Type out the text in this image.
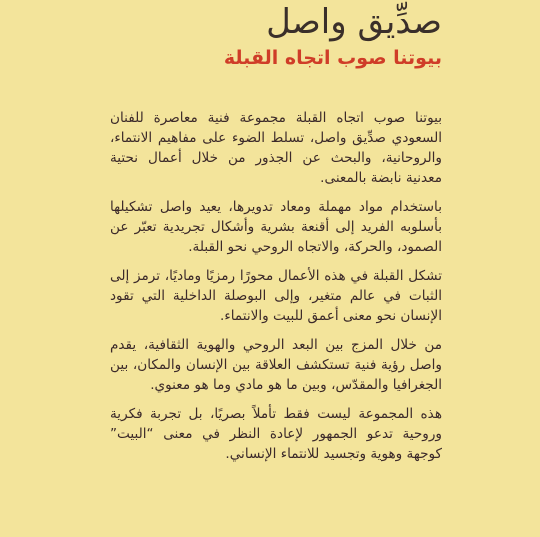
صدِّيق واصل
بيوتنا صوب اتجاه القبلة

بيوتنا صوب اتجاه القبلة مجموعة فنية معاصرة للفنان السعودي صدِّيق واصل، تسلط الضوء على مفاهيم الانتماء، والروحانية، والبحث عن الجذور من خلال أعمال نحتية معدنية نابضة بالمعنى.

باستخدام مواد مهملة ومعاد تدويرها، يعيد واصل تشكيلها بأسلوبه الفريد إلى أقنعة بشرية وأشكال تجريدية تعبّر عن الصمود، والحركة، والاتجاه الروحي نحو القبلة.

تشكل القبلة في هذه الأعمال محورًا رمزيًا وماديًا، ترمز إلى الثبات في عالم متغير، وإلى البوصلة الداخلية التي تقود الإنسان نحو معنى أعمق للبيت والانتماء.

من خلال المزج بين البعد الروحي والهوية الثقافية، يقدم واصل رؤية فنية تستكشف العلاقة بين الإنسان والمكان، بين الجغرافيا والمقدّس، وبين ما هو مادي وما هو معنوي.

هذه المجموعة ليست فقط تأملاً بصريًا، بل تجربة فكرية وروحية تدعو الجمهور لإعادة النظر في معنى “البيت” كوجهة وهوية وتجسيد للانتماء الإنساني.
